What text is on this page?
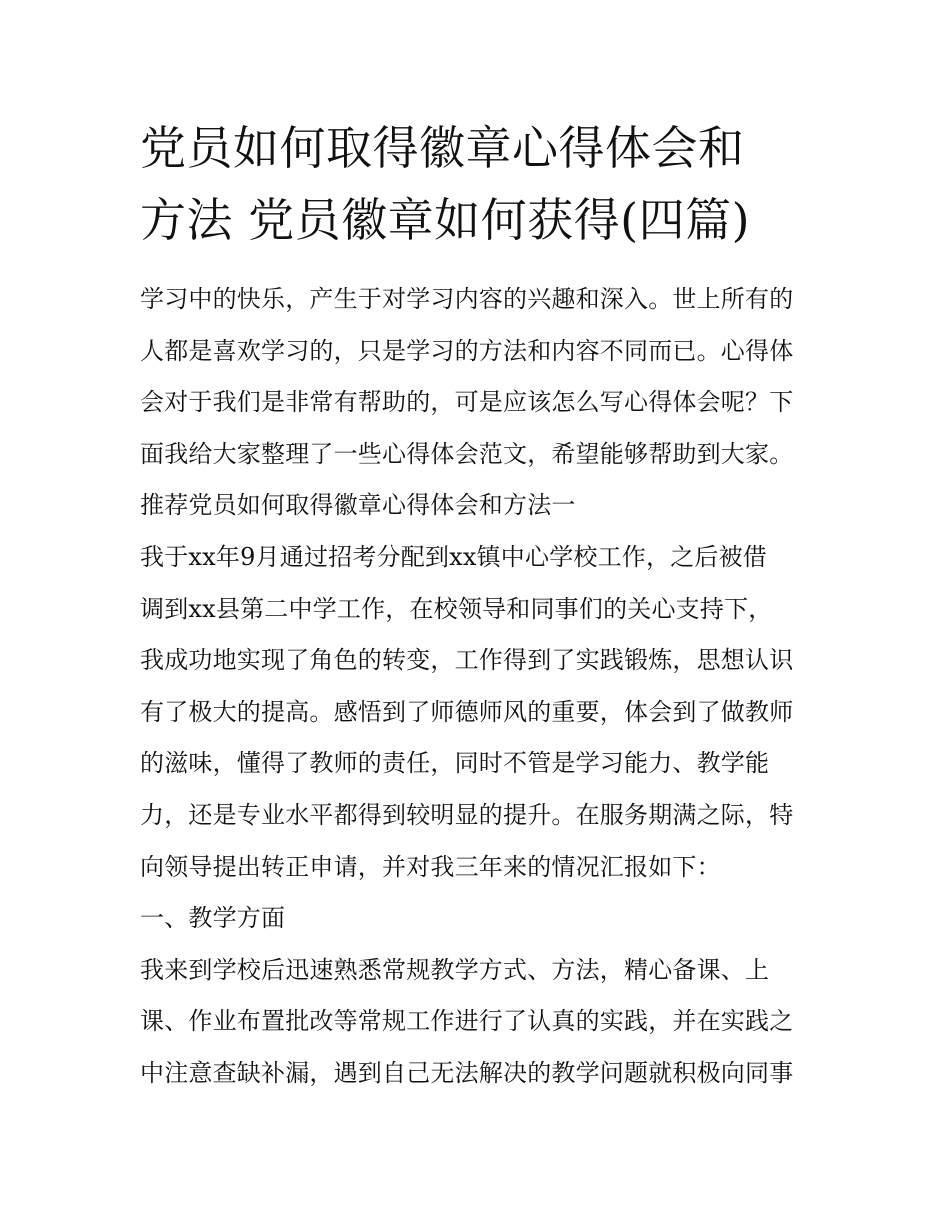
党员如何取得徽章心得体会和
方法 党员徽章如何获得(四篇)
学习中的快乐，产生于对学习内容的兴趣和深入。世上所有的
人都是喜欢学习的，只是学习的方法和内容不同而已。心得体
会对于我们是非常有帮助的，可是应该怎么写心得体会呢？下
面我给大家整理了一些心得体会范文，希望能够帮助到大家。
推荐党员如何取得徽章心得体会和方法一
我于xx年9月通过招考分配到xx镇中心学校工作，之后被借
调到xx县第二中学工作，在校领导和同事们的关心支持下，
我成功地实现了角色的转变，工作得到了实践锻炼，思想认识
有了极大的提高。感悟到了师德师风的重要，体会到了做教师
的滋味，懂得了教师的责任，同时不管是学习能力、教学能
力，还是专业水平都得到较明显的提升。在服务期满之际，特
向领导提出转正申请，并对我三年来的情况汇报如下：
一、教学方面
我来到学校后迅速熟悉常规教学方式、方法，精心备课、上
课、作业布置批改等常规工作进行了认真的实践，并在实践之
中注意查缺补漏，遇到自己无法解决的教学问题就积极向同事
